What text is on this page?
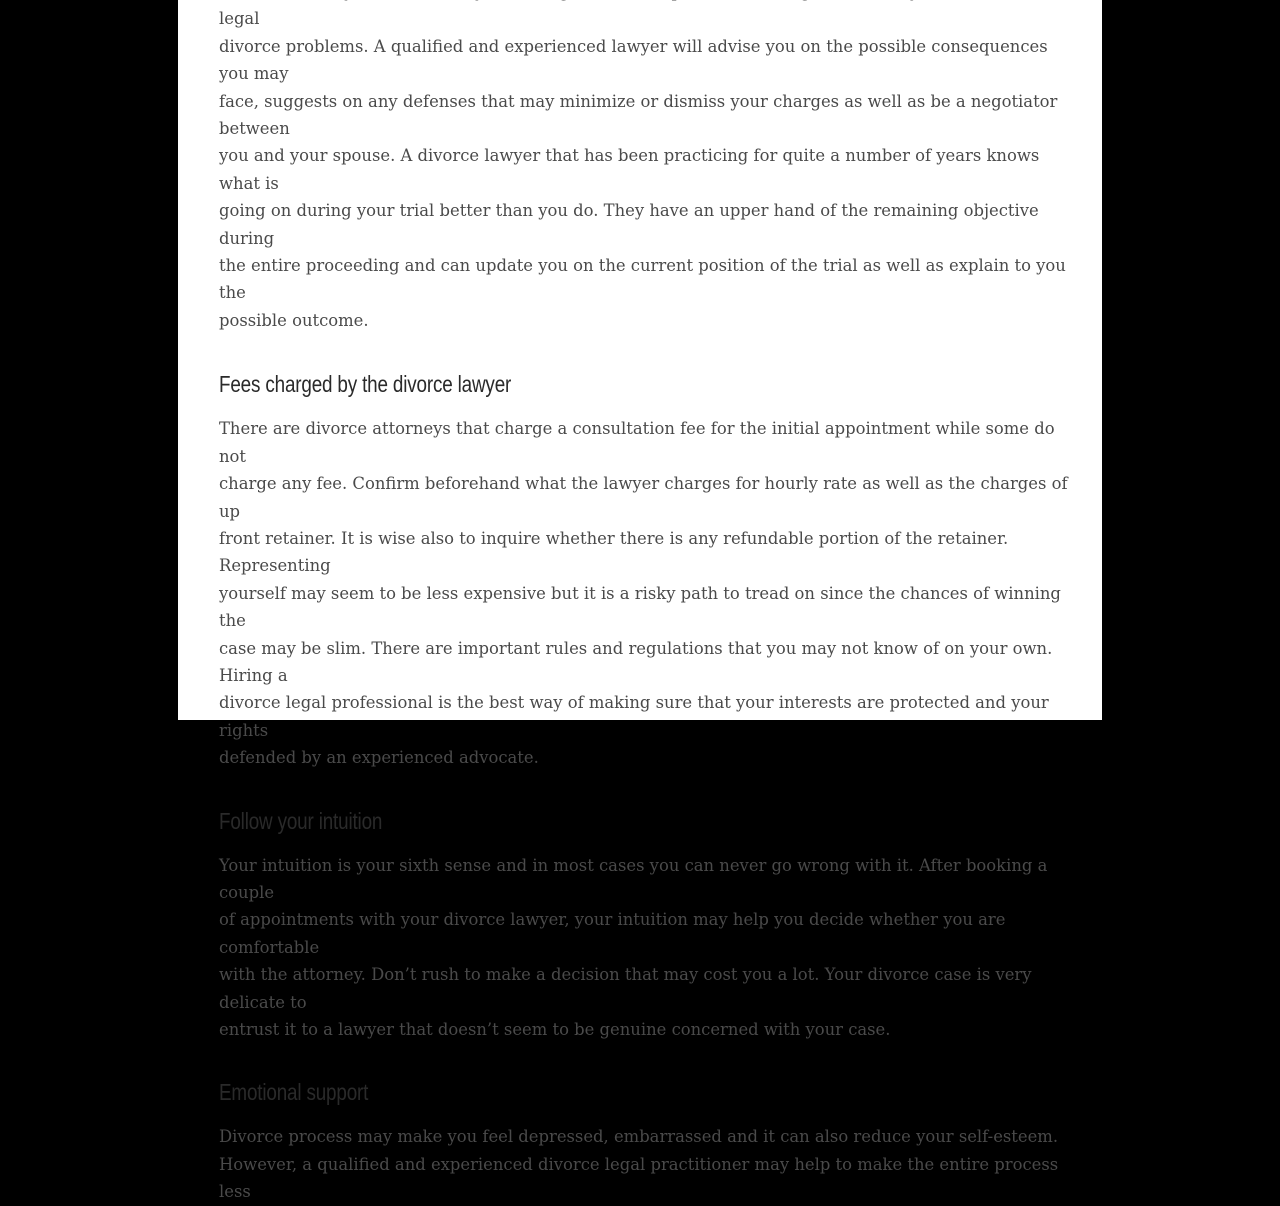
legal
divorce problems. A qualified and experienced lawyer will advise you on the possible consequences you may
face, suggests on any defenses that may minimize or dismiss your charges as well as be a negotiator between
you and your spouse. A divorce lawyer that has been practicing for quite a number of years knows what is
going on during your trial better than you do. They have an upper hand of the remaining objective during
the entire proceeding and can update you on the current position of the trial as well as explain to you the
possible outcome.

Fees charged by the divorce lawyer

There are divorce attorneys that charge a consultation fee for the initial appointment while some do not
charge any fee. Confirm beforehand what the lawyer charges for hourly rate as well as the charges of up
front retainer. It is wise also to inquire whether there is any refundable portion of the retainer. Representing
yourself may seem to be less expensive but it is a risky path to tread on since the chances of winning the
case may be slim. There are important rules and regulations that you may not know of on your own. Hiring a
divorce legal professional is the best way of making sure that your interests are protected and your rights
defended by an experienced advocate.

Follow your intuition

Your intuition is your sixth sense and in most cases you can never go wrong with it. After booking a couple
of appointments with your divorce lawyer, your intuition may help you decide whether you are comfortable
with the attorney. Don’t rush to make a decision that may cost you a lot. Your divorce case is very delicate to
entrust it to a lawyer that doesn’t seem to be genuine concerned with your case.

Emotional support

Divorce process may make you feel depressed, embarrassed and it can also reduce your self-esteem.
However, a qualified and experienced divorce legal practitioner may help to make the entire process less
